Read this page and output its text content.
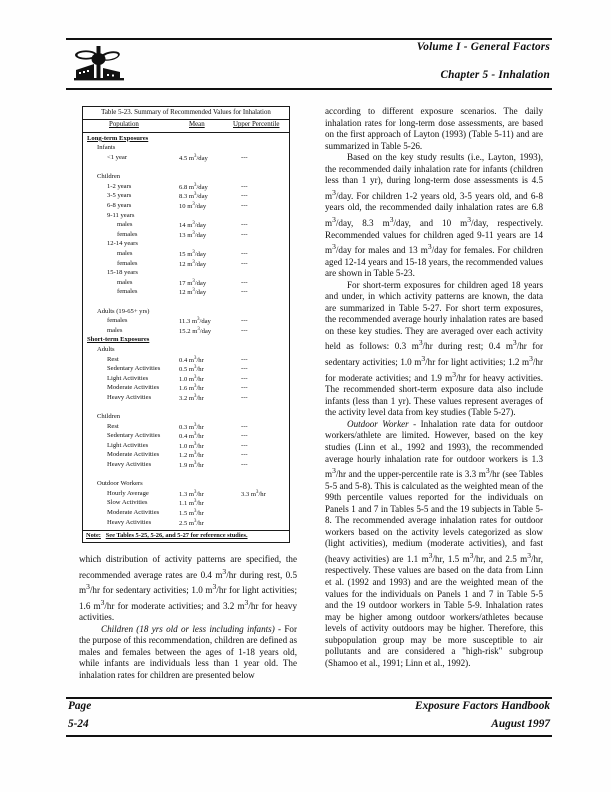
Volume I - General Factors
Chapter 5 - Inhalation
Table 5-23. Summary of Recommended Values for Inhalation
Population	Mean	Upper Percentile
Long-term Exposures
Infants
<1 year	4.5 $m^3$/day	---
Children
1-2 years	6.8 $m^3$/day	---
3-5 years	8.3 $m^3$/day	---
6-8 years	10 $m^3$/day	---
9-11 years
males	14 $m^3$/day	---
females	13 $m^3$/day	---
12-14 years
males	15 $m^3$/day	---
females	12 $m^3$/day	---
15-18 years
males	17 $m^3$/day	---
females	12 $m^3$/day	---
Adults (19-65+ yrs)
females	11.3 $m^3$/day	---
males	15.2 $m^3$/day	---
Short-term Exposures
Adults
Rest	0.4 $m^3/hr$	---
Sedentary Activities	0.5 $m^3/hr$	---
Light Activities	1.0 $m^3/hr$	---
Moderate Activities	1.6 $m^3/hr$	---
Heavy Activities	3.2 $m^3/hr$	---
Children
Rest	0.3 $m^3/hr$	---
Sedentary Activities	0.4 $m^3/hr$	---
Light Activities	1.0 $m^3/hr$	---
Moderate Activities	1.2 $m^3/hr$	---
Heavy Activities	1.9 $m^3/hr$	---
Outdoor Workers
Hourly Average	1.3 $m^3/hr$	3.3 $m^3/hr$
Slow Activities	1.1 $m^3/hr$
Moderate Activities	1.5 $m^3/hr$
Heavy Activities	2.5 $m^3/hr$
Note: See Tables 5-25, 5-26, and 5-27 for reference studies.

according to different exposure scenarios. The daily inhalation rates for long-term dose assessments, are based on the first approach of Layton (1993) (Table 5-11) and are summarized in Table 5-26.

Based on the key study results (i.e., Layton, 1993), the recommended daily inhalation rate for infants (children less than 1 yr), during long-term dose assessments is 4.5 $m^3$/day. For children 1-2 years old, 3-5 years old, and 6-8 years old, the recommended daily inhalation rates are 6.8 $m^3$/day, 8.3 $m^3$/day, and 10 $m^3$/day, respectively. Recommended values for children aged 9-11 years are 14 $m^3$/day for males and 13 $m^3$/day for females. For children aged 12-14 years and 15-18 years, the recommended values are shown in Table 5-23.

For short-term exposures for children aged 18 years and under, in which activity patterns are known, the data are summarized in Table 5-27. For short term exposures, the recommended average hourly inhalation rates are based on these key studies. They are averaged over each activity held as follows: 0.3 $m^3/hr$ during rest; 0.4 $m^3/hr$ for sedentary activities; 1.0 $m^3/hr$ for light activities; 1.2 $m^3/hr$ for moderate activities; and 1.9 $m^3/hr$ for heavy activities. The recommended short-term exposure data also include infants (less than 1 yr). These values represent averages of the activity level data from key studies (Table 5-27).

Outdoor Worker - Inhalation rate data for outdoor workers/athlete are limited. However, based on the key studies (Linn et al., 1992 and 1993), the recommended average hourly inhalation rate for outdoor workers is 1.3 $m^3/hr$ and the upper-percentile rate is 3.3 $m^3/hr$ (see Tables 5-5 and 5-8). This is calculated as the weighted mean of the 99th percentile values reported for the individuals on Panels 1 and 7 in Tables 5-5 and the 19 subjects in Table 5-8. The recommended average inhalation rates for outdoor workers based on the activity levels categorized as slow (light activities), medium (moderate activities), and fast (heavy activities) are 1.1 $m^3/hr$, 1.5 $m^3/hr$, and 2.5 $m^3/hr$, respectively. These values are based on the data from Linn et al. (1992 and 1993) and are the weighted mean of the values for the individuals on Panels 1 and 7 in Table 5-5 and the 19 outdoor workers in Table 5-9. Inhalation rates may be higher among outdoor workers/athletes because levels of activity outdoors may be higher. Therefore, this subpopulation group may be more susceptible to air pollutants and are considered a "high-risk" subgroup (Shamoo et al., 1991; Linn et al., 1992).

which distribution of activity patterns are specified, the recommended average rates are 0.4 $m^3/hr$ during rest, 0.5 $m^3/hr$ for sedentary activities; 1.0 $m^3/hr$ for light activities; 1.6 $m^3/hr$ for moderate activities; and 3.2 $m^3/hr$ for heavy activities.

Children (18 yrs old or less including infants) - For the purpose of this recommendation, children are defined as males and females between the ages of 1-18 years old, while infants are individuals less than 1 year old. The inhalation rates for children are presented below

Page
5-24
Exposure Factors Handbook
August 1997
